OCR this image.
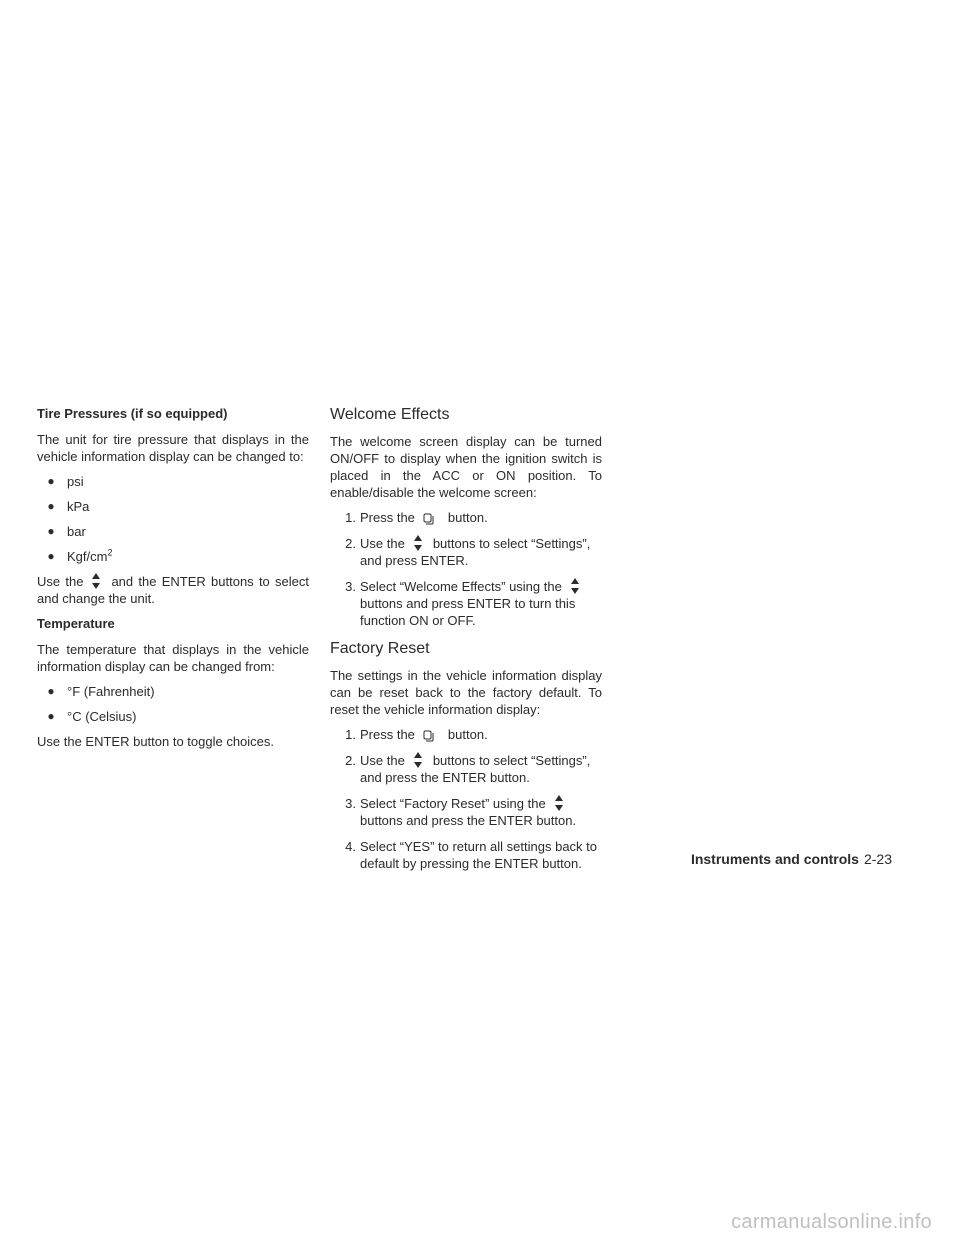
Tire Pressures (if so equipped)

The unit for tire pressure that displays in the vehicle information display can be changed to:

● psi
● kPa
● bar
● Kgf/$cm^2$

Use the and the ENTER buttons to select and change the unit.

Temperature

The temperature that displays in the vehicle information display can be changed from:

● °F (Fahrenheit)
● °C (Celsius)

Use the ENTER button to toggle choices.

Welcome Effects

The welcome screen display can be turned ON/OFF to display when the ignition switch is placed in the ACC or ON position. To enable/disable the welcome screen:

1. Press the	button.
2. Use the buttons to select “Settings”, and press ENTER.
3. Select “Welcome Effects” using thebuttons and press ENTER to turn this function ON or OFF.
Factory Reset

The settings in the vehicle information display can be reset back to the factory default. To reset the vehicle information display:

1. Press the	button.
2. Use the buttons to select “Settings”, and press the ENTER button.
3. Select “Factory Reset” using thebuttons and press the ENTER button.
4. Select “YES” to return all settings back to default by pressing the ENTER button.	Instruments and controls 2-23
carmanualsonline.info
